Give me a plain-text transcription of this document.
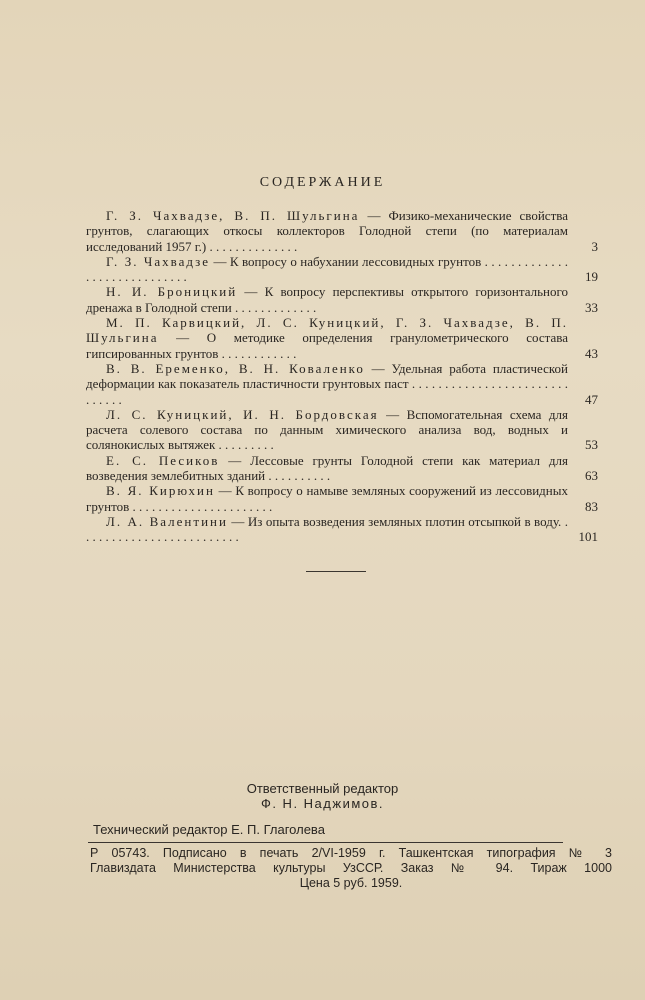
СОДЕРЖАНИЕ
Г. З. Чахвадзе, В. П. Шульгина — Физико-механические свойства грунтов, слагающих откосы коллекторов Голодной степи (по материалам исследований 1957 г.) . . . . . . . . . . . . . .	3
Г. З. Чахвадзе — К вопросу о набухании лессовидных грунтов . . . . . . . . . . . . . . . . . . . . . . . . . . . . .	19
Н. И. Броницкий — К вопросу перспективы открытого горизонтального дренажа в Голодной степи . . . . . . . . . . . . .	33
М. П. Карвицкий, Л. С. Куницкий, Г. З. Чахвадзе, В. П. Шульгина — О методике определения гранулометрического состава гипсированных грунтов . . . . . . . . . . . .	43
В. В. Еременко, В. Н. Коваленко — Удельная работа пластической деформации как показатель пластичности грунтовых паст . . . . . . . . . . . . . . . . . . . . . . . . . . . . . .	47
Л. С. Куницкий, И. Н. Бордовская — Вспомогательная схема для расчета солевого состава по данным химического анализа вод, водных и солянокислых вытяжек . . . . . . . . .	53
Е. С. Песиков — Лессовые грунты Голодной степи как материал для возведения землебитных зданий . . . . . . . . . .	63
В. Я. Кирюхин — К вопросу о намыве земляных сооружений из лессовидных грунтов . . . . . . . . . . . . . . . . . . . . . .	83
Л. А. Валентини — Из опыта возведения земляных плотин отсыпкой в воду. . . . . . . . . . . . . . . . . . . . . . . . . .	101
Ответственный редактор
Ф. Н. Наджимов.
Технический редактор Е. П. Глаголева
Р 05743. Подписано в печать 2/VI-1959 г. Ташкентская типография № 3
Главиздата Министерства культуры УзССР. Заказ № 94. Тираж 1000
Цена 5 руб. 1959.
